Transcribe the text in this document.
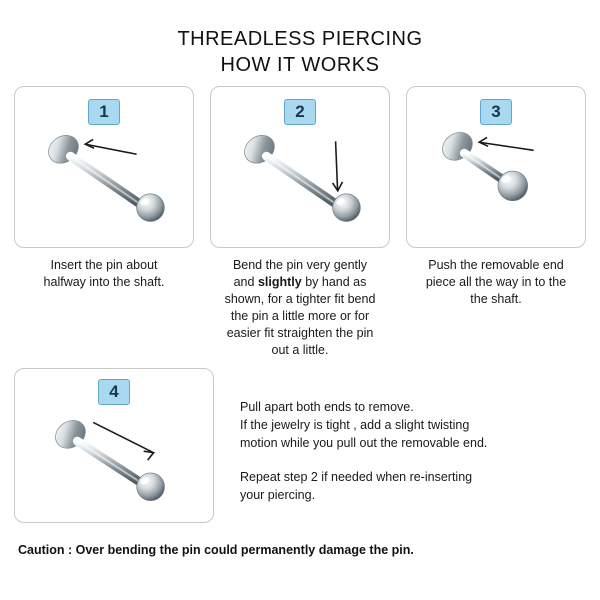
THREADLESS PIERCING
HOW IT WORKS
1
Insert the pin about
halfway into the shaft.
2
Bend the pin very gently
and slightly by hand as
shown, for a tighter fit bend
the pin a little more or for
easier fit straighten the pin
out a little.
3
Push the removable end
piece all the way in to the
the shaft.
4

Pull apart both ends to remove.
If the jewelry is tight , add a slight twisting
motion while you pull out the removable end.

Repeat step 2 if needed when re-inserting
your piercing.

Caution : Over bending the pin could permanently damage the pin.
